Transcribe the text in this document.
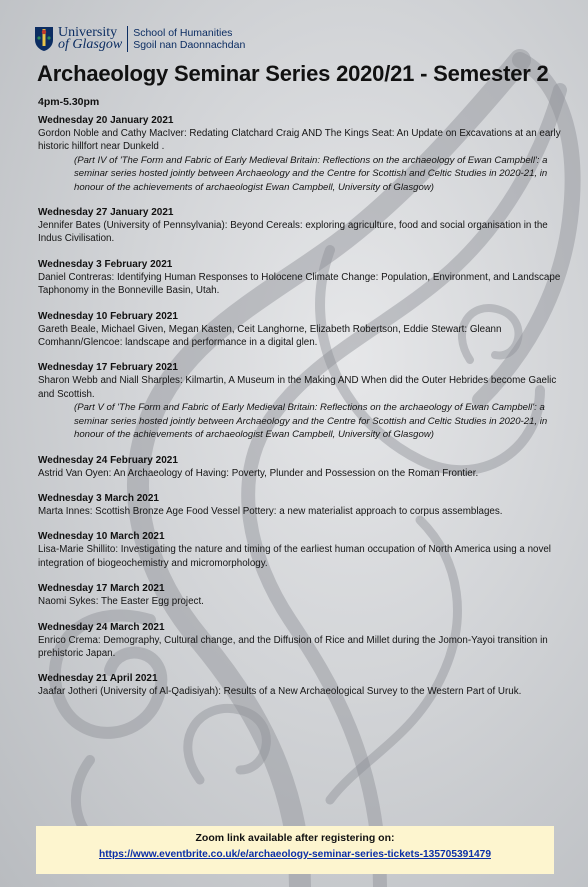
University
of Glasgow
School of Humanities
Sgoil nan Daonnachdan
Archaeology Seminar Series 2020/21 - Semester 2
4pm-5.30pm
Wednesday 20 January 2021
Gordon Noble and Cathy MacIver: Redating Clatchard Craig AND The Kings Seat: An Update on Excavations at an early historic hillfort near Dunkeld .
(Part IV of 'The Form and Fabric of Early Medieval Britain: Reflections on the archaeology of Ewan Campbell': a seminar series hosted jointly between Archaeology and the Centre for Scottish and Celtic Studies in 2020-21, in honour of the achievements of archaeologist Ewan Campbell, University of Glasgow)
Wednesday 27 January 2021
Jennifer Bates (University of Pennsylvania): Beyond Cereals: exploring agriculture, food and social organisation in the Indus Civilisation.
Wednesday 3 February 2021
Daniel Contreras: Identifying Human Responses to Holocene Climate Change: Population, Environment, and Landscape Taphonomy in the Bonneville Basin, Utah.
Wednesday 10 February 2021
Gareth Beale, Michael Given, Megan Kasten, Ceit Langhorne, Elizabeth Robertson, Eddie Stewart: Gleann Comhann/Glencoe: landscape and performance in a digital glen.
Wednesday 17 February 2021
Sharon Webb and Niall Sharples: Kilmartin, A Museum in the Making AND When did the Outer Hebrides become Gaelic and Scottish.
(Part V of 'The Form and Fabric of Early Medieval Britain: Reflections on the archaeology of Ewan Campbell': a seminar series hosted jointly between Archaeology and the Centre for Scottish and Celtic Studies in 2020-21, in honour of the achievements of archaeologist Ewan Campbell, University of Glasgow)
Wednesday 24 February 2021
Astrid Van Oyen: An Archaeology of Having: Poverty, Plunder and Possession on the Roman Frontier.
Wednesday 3 March 2021
Marta Innes: Scottish Bronze Age Food Vessel Pottery: a new materialist approach to corpus assemblages.
Wednesday 10 March 2021
Lisa-Marie Shillito: Investigating the nature and timing of the earliest human occupation of North America using a novel integration of biogeochemistry and micromorphology.
Wednesday 17 March 2021
Naomi Sykes: The Easter Egg project.
Wednesday 24 March 2021
Enrico Crema: Demography, Cultural change, and the Diffusion of Rice and Millet during the Jomon-Yayoi transition in prehistoric Japan.
Wednesday 21 April 2021
Jaafar Jotheri (University of Al-Qadisiyah): Results of a New Archaeological Survey to the Western Part of Uruk.
Zoom link available after registering on:
https://www.eventbrite.co.uk/e/archaeology-seminar-series-tickets-135705391479
